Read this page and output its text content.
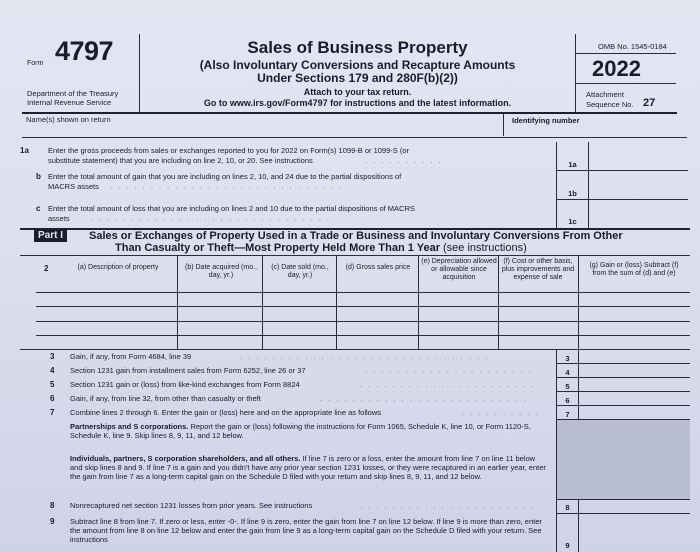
Form 4797
Department of the Treasury
Internal Revenue Service
Sales of Business Property
(Also Involuntary Conversions and Recapture Amounts
Under Sections 179 and 280F(b)(2))
Attach to your tax return.
Go to www.irs.gov/Form4797 for instructions and the latest information.
OMB No. 1545-0184
2022
Attachment
Sequence No. 27
Name(s) shown on return	Identifying number
1a	Enter the gross proceeds from sales or exchanges reported to you for 2022 on Form(s) 1099-B or 1099-S (or
substitute statement) that you are including on line 2, 10, or 20. See instructions	. . . . . . . . . .
b Enter the total amount of gain that you are including on lines 2, 10, and 24 due to the partial dispositions of
MACRS assets . . . . . . . . . . . . . . . . . . . . . . . . . . . . .
c Enter the total amount of loss that you are including on lines 2 and 10 due to the partial dispositions of MACRS
assets	. . . . . . . . . . . . . . . . . . . . . . . . . . . . . .
1a
1b
1c
Part I	Sales or Exchanges of Property Used in a Trade or Business and Involuntary Conversions From Other
Than Casualty or Theft—Most Property Held More Than 1 Year (see instructions)
2	(a) Description of property	(b) Date acquired (mo., day, yr.)
(c) Date sold (mo., day, yr.)
(d) Gross sales price
(e) Depreciation allowed or allowable since acquisition
(f) Cost or other basis, plus improvements and expense of sale
(g) Gain or (loss) Subtract (f) from the sum of (d) and (e)
3 Gain, if any, from Form 4684, line 39	. . . . . . . . . . . . . . . . . . . . . . . . . . . . . . .
4 Section 1231 gain from installment sales from Form 6252, line 26 or 37	. . . . . . . . . . . . . . . . . . . . .
5 Section 1231 gain or (loss) from like-kind exchanges from Form 8824	. . . . . . . . . . . . . . . . . . . . . .
6 Gain, if any, from line 32, from other than casualty or theft	. . . . . . . . . . . . . . . . . . . . . . . . . .
7 Combine lines 2 through 6. Enter the gain or (loss) here and on the appropriate line as follows	. . . . . . . . . .
3
4
5
6
7
Partnerships and S corporations. Report the gain or (loss) following the instructions for Form 1065, Schedule K, line 10, or Form 1120-S, Schedule K, line 9. Skip lines 8, 9, 11, and 12 below.
Individuals, partners, S corporation shareholders, and all others. If line 7 is zero or a loss, enter the amount from line 7 on line 11 below and skip lines 8 and 9. If line 7 is a gain and you didn't have any prior year section 1231 losses, or they were recaptured in an earlier year, enter the gain from line 7 as a long-term capital gain on the Schedule D filed with your return and skip lines 8, 9, 11, and 12 below.
8 Nonrecaptured net section 1231 losses from prior years. See instructions	. . . . . . . . . . . . . . . . . . . . . .	8
9 Subtract line 8 from line 7. If zero or less, enter -0-. If line 9 is zero, enter the gain from line 7 on line 12 below. If line 9 is more than zero, enter the amount from line 8 on line 12 below and enter the gain from line 9 as a long-term capital gain on the Schedule D filed with your return. See instructions
9
